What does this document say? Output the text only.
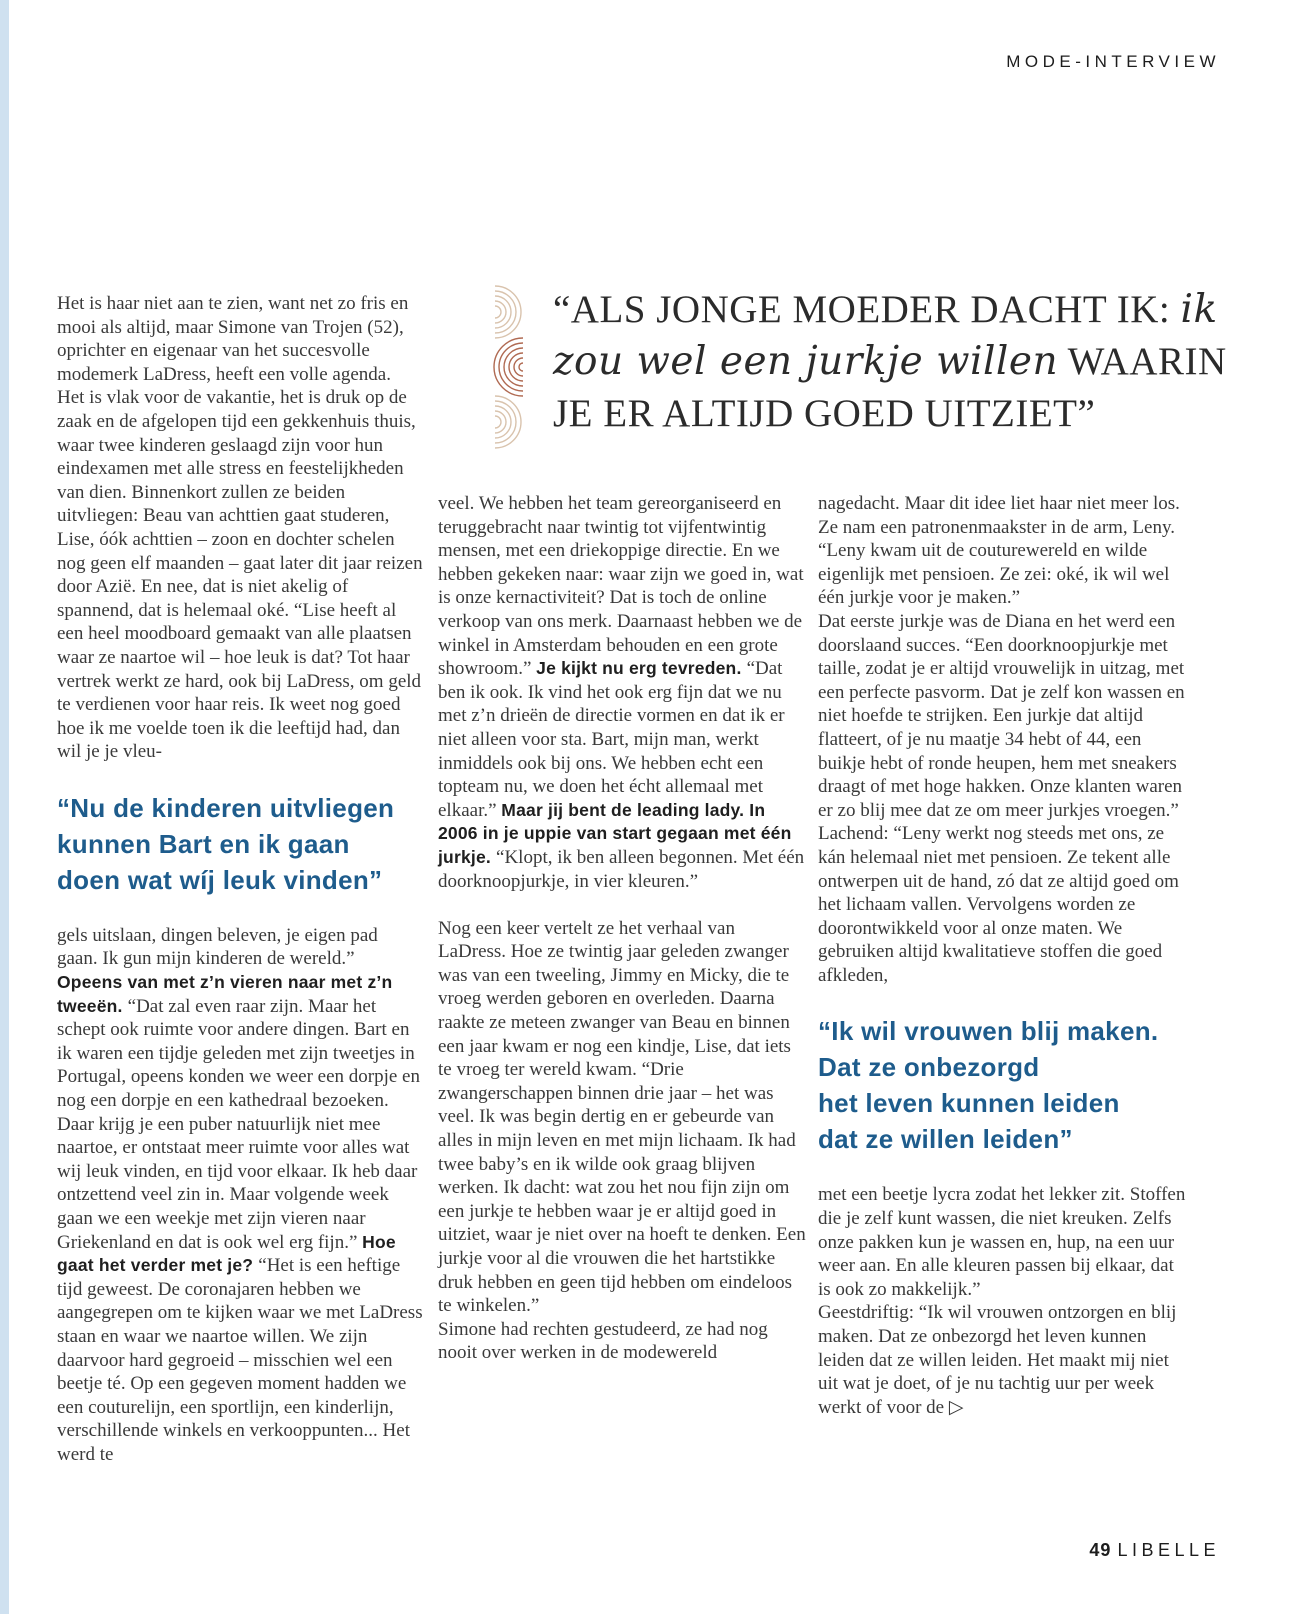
MODE-INTERVIEW
“ALS JONGE MOEDER DACHT IK: ik
zou wel een jurkje willen WAARIN
JE ER ALTIJD GOED UITZIET”

Het is haar niet aan te zien, want net zo fris en mooi als altijd, maar Simone van Trojen (52), oprichter en eigenaar van het succesvolle modemerk LaDress, heeft een volle agenda. Het is vlak voor de vakantie, het is druk op de zaak en de afgelopen tijd een gekkenhuis thuis, waar twee kinderen geslaagd zijn voor hun eindexamen met alle stress en feestelijkheden van dien. Binnenkort zullen ze beiden uitvliegen: Beau van achttien gaat studeren, Lise, óók achttien – zoon en dochter schelen nog geen elf maanden – gaat later dit jaar reizen door Azië. En nee, dat is niet akelig of spannend, dat is helemaal oké. “Lise heeft al een heel moodboard gemaakt van alle plaatsen waar ze naartoe wil – hoe leuk is dat? Tot haar vertrek werkt ze hard, ook bij LaDress, om geld te verdienen voor haar reis. Ik weet nog goed hoe ik me voelde toen ik die leeftijd had, dan wil je je vleu-

“Nu de kinderen uitvliegen
kunnen Bart en ik gaan
doen wat wíj leuk vinden”

gels uitslaan, dingen beleven, je eigen pad gaan. Ik gun mijn kinderen de wereld.” Opeens van met z’n vieren naar met z’n tweeën. “Dat zal even raar zijn. Maar het schept ook ruimte voor andere dingen. Bart en ik waren een tijdje geleden met zijn tweetjes in Portugal, opeens konden we weer een dorpje en nog een dorpje en een kathedraal bezoeken. Daar krijg je een puber natuurlijk niet mee naartoe, er ontstaat meer ruimte voor alles wat wij leuk vinden, en tijd voor elkaar. Ik heb daar ontzettend veel zin in. Maar volgende week gaan we een weekje met zijn vieren naar Griekenland en dat is ook wel erg fijn.” Hoe gaat het verder met je? “Het is een heftige tijd geweest. De coronajaren hebben we aangegrepen om te kijken waar we met LaDress staan en waar we naartoe willen. We zijn daarvoor hard gegroeid – misschien wel een beetje té. Op een gegeven moment hadden we een couturelijn, een sportlijn, een kinderlijn, verschillende winkels en verkooppunten... Het werd te

veel. We hebben het team gereorganiseerd en teruggebracht naar twintig tot vijfentwintig mensen, met een driekoppige directie. En we hebben gekeken naar: waar zijn we goed in, wat is onze kernactiviteit? Dat is toch de online verkoop van ons merk. Daarnaast hebben we de winkel in Amsterdam behouden en een grote showroom.” Je kijkt nu erg tevreden. “Dat ben ik ook. Ik vind het ook erg fijn dat we nu met z’n drieën de directie vormen en dat ik er niet alleen voor sta. Bart, mijn man, werkt inmiddels ook bij ons. We hebben echt een topteam nu, we doen het écht allemaal met elkaar.” Maar jij bent de leading lady. In 2006 in je uppie van start gegaan met één jurkje. “Klopt, ik ben alleen begonnen. Met één doorknoopjurkje, in vier kleuren.”

Nog een keer vertelt ze het verhaal van LaDress. Hoe ze twintig jaar geleden zwanger was van een tweeling, Jimmy en Micky, die te vroeg werden geboren en overleden. Daarna raakte ze meteen zwanger van Beau en binnen een jaar kwam er nog een kindje, Lise, dat iets te vroeg ter wereld kwam. “Drie zwangerschappen binnen drie jaar – het was veel. Ik was begin dertig en er gebeurde van alles in mijn leven en met mijn lichaam. Ik had twee baby’s en ik wilde ook graag blijven werken. Ik dacht: wat zou het nou fijn zijn om een jurkje te hebben waar je er altijd goed in uitziet, waar je niet over na hoeft te denken. Een jurkje voor al die vrouwen die het hartstikke druk hebben en geen tijd hebben om eindeloos te winkelen.”

Simone had rechten gestudeerd, ze had nog nooit over werken in de modewereld

nagedacht. Maar dit idee liet haar niet meer los. Ze nam een patronenmaakster in de arm, Leny. “Leny kwam uit de couturewereld en wilde eigenlijk met pensioen. Ze zei: oké, ik wil wel één jurkje voor je maken.”

Dat eerste jurkje was de Diana en het werd een doorslaand succes. “Een doorknoopjurkje met taille, zodat je er altijd vrouwelijk in uitzag, met een perfecte pasvorm. Dat je zelf kon wassen en niet hoefde te strijken. Een jurkje dat altijd flatteert, of je nu maatje 34 hebt of 44, een buikje hebt of ronde heupen, hem met sneakers draagt of met hoge hakken. Onze klanten waren er zo blij mee dat ze om meer jurkjes vroegen.”

Lachend: “Leny werkt nog steeds met ons, ze kán helemaal niet met pensioen. Ze tekent alle ontwerpen uit de hand, zó dat ze altijd goed om het lichaam vallen. Vervolgens worden ze doorontwikkeld voor al onze maten. We gebruiken altijd kwalitatieve stoffen die goed afkleden,

“Ik wil vrouwen blij maken.
Dat ze onbezorgd
het leven kunnen leiden
dat ze willen leiden”

met een beetje lycra zodat het lekker zit. Stoffen die je zelf kunt wassen, die niet kreuken. Zelfs onze pakken kun je wassen en, hup, na een uur weer aan. En alle kleuren passen bij elkaar, dat is ook zo makkelijk.”

Geestdriftig: “Ik wil vrouwen ontzorgen en blij maken. Dat ze onbezorgd het leven kunnen leiden dat ze willen leiden. Het maakt mij niet uit wat je doet, of je nu tachtig uur per week werkt of voor de ▷

49 LIBELLE
